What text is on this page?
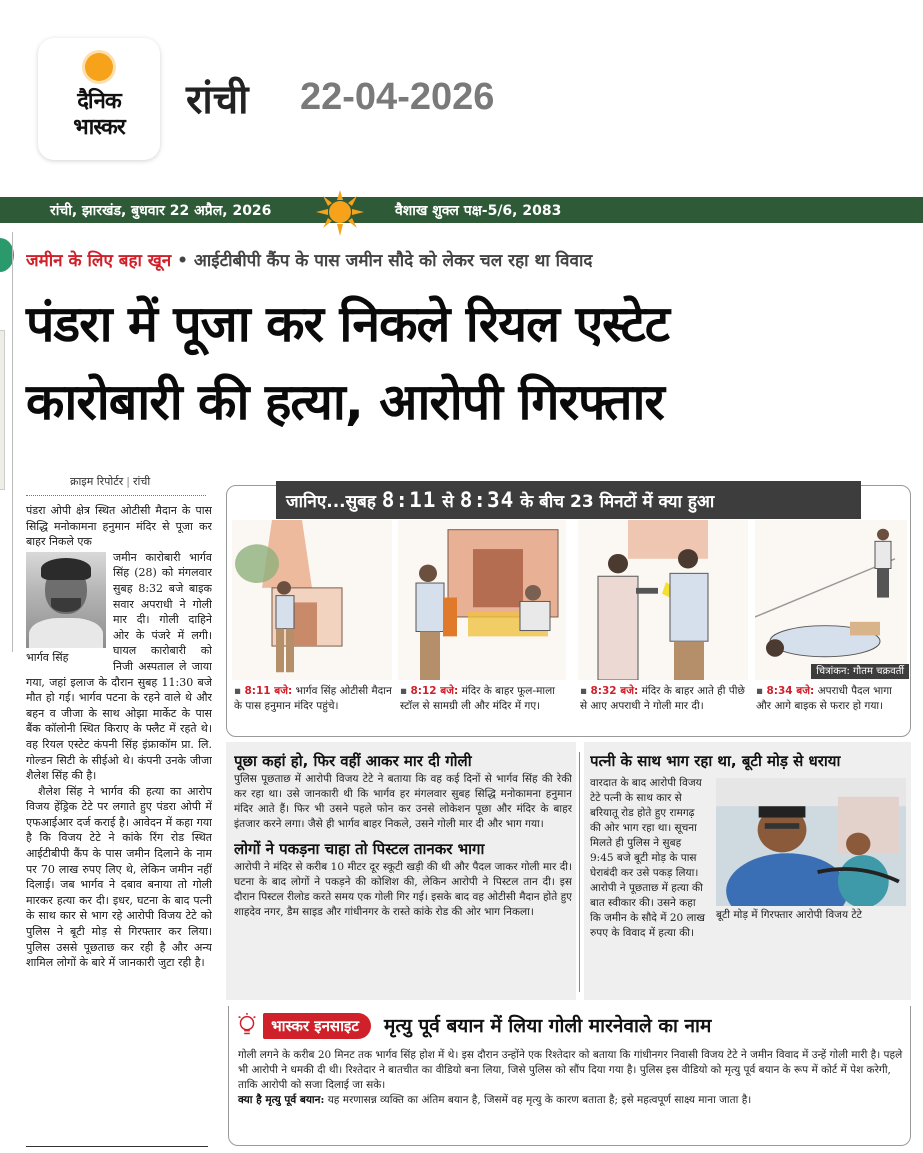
दैनिक
भास्कर
रांची 22-04-2026
रांची, झारखंड, बुधवार 22 अप्रैल, 2026	वैशाख शुक्ल पक्ष-5/6, 2083
जमीन के लिए बहा खून • आईटीबीपी कैंप के पास जमीन सौदे को लेकर चल रहा था विवाद
पंडरा में पूजा कर निकले रियल एस्टेट
कारोबारी की हत्या, आरोपी गिरफ्तार
क्राइम रिपोर्टर | रांची

पंडरा ओपी क्षेत्र स्थित ओटीसी मैदान के पास सिद्धि मनोकामना हनुमान मंदिर से पूजा कर बाहर निकले एक

भार्गव सिंह

जमीन कारोबारी भार्गव सिंह (28) को मंगलवार सुबह 8:32 बजे बाइक सवार अपराधी ने गोली मार दी। गोली दाहिने ओर के पंजरे में लगी। घायल कारोबारी को निजी अस्पताल ले जाया गया, जहां इलाज के दौरान सुबह 11:30 बजे मौत हो गई। भार्गव पटना के रहने वाले थे और बहन व जीजा के साथ ओझा मार्केट के पास बैंक कॉलोनी स्थित किराए के फ्लैट में रहते थे। वह रियल एस्टेट कंपनी सिंह इंफ्राकॉम प्रा. लि. गोल्डन सिटी के सीईओ थे। कंपनी उनके जीजा शैलेश सिंह की है।

शैलेश सिंह ने भार्गव की हत्या का आरोप विजय हेंड्रिक टेटे पर लगाते हुए पंडरा ओपी में एफआईआर दर्ज कराई है। आवेदन में कहा गया है कि विजय टेटे ने कांके रिंग रोड स्थित आईटीबीपी कैंप के पास जमीन दिलाने के नाम पर 70 लाख रुपए लिए थे, लेकिन जमीन नहीं दिलाई। जब भार्गव ने दबाव बनाया तो गोली मारकर हत्या कर दी। इधर, घटना के बाद पत्नी के साथ कार से भाग रहे आरोपी विजय टेटे को पुलिस ने बूटी मोड़ से गिरफ्तार कर लिया। पुलिस उससे पूछताछ कर रही है और अन्य शामिल लोगों के बारे में जानकारी जुटा रही है।

जानिए...सुबह 8:11 से 8:34 के बीच 23 मिनटों में क्या हुआ
चित्रांकन: गौतम चक्रवर्ती
▪ 8:11 बजे: भार्गव सिंह ओटीसी मैदान के पास हनुमान मंदिर पहुंचे।
▪ 8:12 बजे: मंदिर के बाहर फूल-माला स्टॉल से सामग्री ली और मंदिर में गए।
▪ 8:32 बजे: मंदिर के बाहर आते ही पीछे से आए अपराधी ने गोली मार दी।
▪ 8:34 बजे: अपराधी पैदल भागा और आगे बाइक से फरार हो गया।
पूछा कहां हो, फिर वहीं आकर मार दी गोली
पुलिस पूछताछ में आरोपी विजय टेटे ने बताया कि वह कई दिनों से भार्गव सिंह की रेकी कर रहा था। उसे जानकारी थी कि भार्गव हर मंगलवार सुबह सिद्धि मनोकामना हनुमान मंदिर आते हैं। फिर भी उसने पहले फोन कर उनसे लोकेशन पूछा और मंदिर के बाहर इंतजार करने लगा। जैसे ही भार्गव बाहर निकले, उसने गोली मार दी और भाग गया।
लोगों ने पकड़ना चाहा तो पिस्टल तानकर भागा
आरोपी ने मंदिर से करीब 10 मीटर दूर स्कूटी खड़ी की थी और पैदल जाकर गोली मार दी। घटना के बाद लोगों ने पकड़ने की कोशिश की, लेकिन आरोपी ने पिस्टल तान दी। इस दौरान पिस्टल रीलोड करते समय एक गोली गिर गई। इसके बाद वह ओटीसी मैदान होते हुए शाहदेव नगर, डैम साइड और गांधीनगर के रास्ते कांके रोड की ओर भाग निकला।
पत्नी के साथ भाग रहा था, बूटी मोड़ से धराया
बूटी मोड़ में गिरफ्तार आरोपी विजय टेटे
वारदात के बाद आरोपी विजय टेटे पत्नी के साथ कार से बरियातू रोड होते हुए रामगढ़ की ओर भाग रहा था। सूचना मिलते ही पुलिस ने सुबह 9:45 बजे बूटी मोड़ के पास घेराबंदी कर उसे पकड़ लिया। आरोपी ने पूछताछ में हत्या की बात स्वीकार की। उसने कहा कि जमीन के सौदे में 20 लाख रुपए के विवाद में हत्या की।
भास्कर इनसाइट मृत्यु पूर्व बयान में लिया गोली मारनेवाले का नाम
गोली लगने के करीब 20 मिनट तक भार्गव सिंह होश में थे। इस दौरान उन्होंने एक रिश्तेदार को बताया कि गांधीनगर निवासी विजय टेटे ने जमीन विवाद में उन्हें गोली मारी है। पहले भी आरोपी ने धमकी दी थी। रिश्तेदार ने बातचीत का वीडियो बना लिया, जिसे पुलिस को सौंप दिया गया है। पुलिस इस वीडियो को मृत्यु पूर्व बयान के रूप में कोर्ट में पेश करेगी, ताकि आरोपी को सजा दिलाई जा सके।
क्या है मृत्यु पूर्व बयान: यह मरणासन्न व्यक्ति का अंतिम बयान है, जिसमें वह मृत्यु के कारण बताता है; इसे महत्वपूर्ण साक्ष्य माना जाता है।
